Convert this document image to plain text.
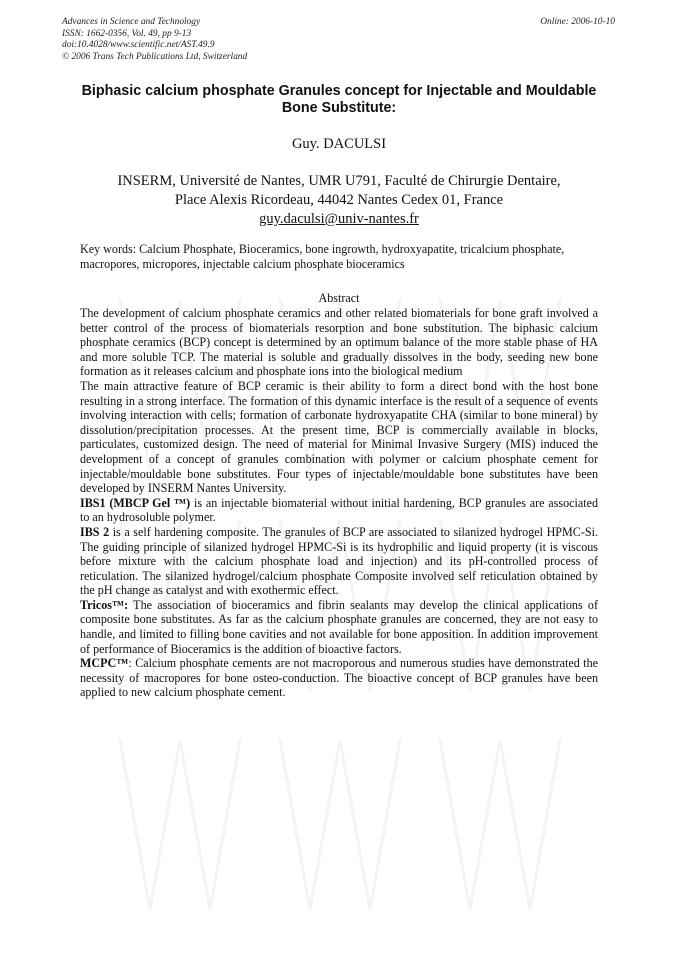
Advances in Science and Technology
ISSN: 1662-0356, Vol. 49, pp 9-13
doi:10.4028/www.scientific.net/AST.49.9
© 2006 Trans Tech Publications Ltd, Switzerland
Online: 2006-10-10
Biphasic calcium phosphate Granules concept for Injectable and Mouldable Bone Substitute:
Guy. DACULSI
INSERM, Université de Nantes, UMR U791, Faculté de Chirurgie Dentaire,
Place Alexis Ricordeau, 44042 Nantes Cedex 01, France
guy.daculsi@univ-nantes.fr
Key words: Calcium Phosphate, Bioceramics, bone ingrowth, hydroxyapatite, tricalcium phosphate, macropores, micropores, injectable calcium phosphate bioceramics
Abstract

The development of calcium phosphate ceramics and other related biomaterials for bone graft involved a better control of the process of biomaterials resorption and bone substitution. The biphasic calcium phosphate ceramics (BCP) concept is determined by an optimum balance of the more stable phase of HA and more soluble TCP. The material is soluble and gradually dissolves in the body, seeding new bone formation as it releases calcium and phosphate ions into the biological medium

The main attractive feature of BCP ceramic is their ability to form a direct bond with the host bone resulting in a strong interface. The formation of this dynamic interface is the result of a sequence of events involving interaction with cells; formation of carbonate hydroxyapatite CHA (similar to bone mineral) by dissolution/precipitation processes. At the present time, BCP is commercially available in blocks, particulates, customized design. The need of material for Minimal Invasive Surgery (MIS) induced the development of a concept of granules combination with polymer or calcium phosphate cement for injectable/mouldable bone substitutes. Four types of injectable/mouldable bone substitutes have been developed by INSERM Nantes University.

IBS1 (MBCP Gel ™) is an injectable biomaterial without initial hardening, BCP granules are associated to an hydrosoluble polymer.

IBS 2 is a self hardening composite. The granules of BCP are associated to silanized hydrogel HPMC-Si. The guiding principle of silanized hydrogel HPMC-Si is its hydrophilic and liquid property (it is viscous before mixture with the calcium phosphate load and injection) and its pH-controlled process of reticulation. The silanized hydrogel/calcium phosphate Composite involved self reticulation obtained by the pH change as catalyst and with exothermic effect.

Tricos™: The association of bioceramics and fibrin sealants may develop the clinical applications of composite bone substitutes. As far as the calcium phosphate granules are concerned, they are not easy to handle, and limited to filling bone cavities and not available for bone apposition. In addition improvement of performance of Bioceramics is the addition of bioactive factors.

MCPC™: Calcium phosphate cements are not macroporous and numerous studies have demonstrated the necessity of macropores for bone osteo-conduction. The bioactive concept of BCP granules have been applied to new calcium phosphate cement.
